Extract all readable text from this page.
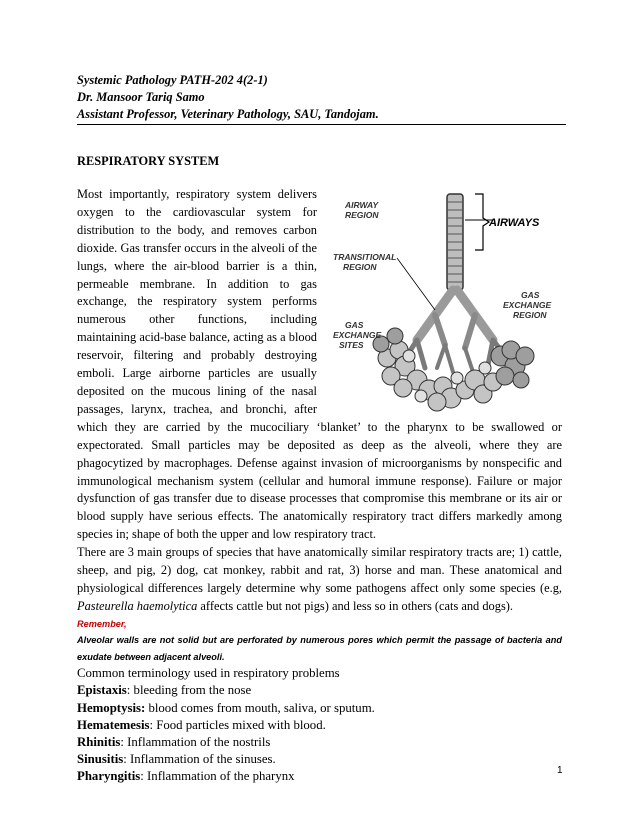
Systemic Pathology PATH-202 4(2-1)
Dr. Mansoor Tariq Samo
Assistant Professor, Veterinary Pathology, SAU, Tandojam.
RESPIRATORY SYSTEM
AIRWAY
REGION
TRANSITIONAL
REGION
GAS
EXCHANGE
REGION
GAS
EXCHANGE
SITES
AIRWAYS

Most importantly, respiratory system delivers oxygen to the cardiovascular system for distribution to the body, and removes carbon dioxide. Gas transfer occurs in the alveoli of the lungs, where the air-blood barrier is a thin, permeable membrane. In addition to gas exchange, the respiratory system performs numerous other functions, including maintaining acid-base balance, acting as a blood reservoir, filtering and probably destroying emboli. Large airborne particles are usually deposited on the mucous lining of the nasal passages, larynx, trachea, and bronchi, after which they are carried by the mucociliary ‘blanket’ to the pharynx to be swallowed or expectorated. Small particles may be deposited as deep as the alveoli, where they are phagocytized by macrophages. Defense against invasion of microorganisms by nonspecific and immunological mechanism system (cellular and humoral immune response). Failure or major dysfunction of gas transfer due to disease processes that compromise this membrane or its air or blood supply have serious effects. The anatomically respiratory tract differs markedly among species in; shape of both the upper and low respiratory tract.

There are 3 main groups of species that have anatomically similar respiratory tracts are; 1) cattle, sheep, and pig, 2) dog, cat monkey, rabbit and rat, 3) horse and man. These anatomical and physiological differences largely determine why some pathogens affect only some species (e.g, Pasteurella haemolytica affects cattle but not pigs) and less so in others (cats and dogs).

Remember,
Alveolar walls are not solid but are perforated by numerous pores which permit the passage of bacteria and exudate between adjacent alveoli.
Common terminology used in respiratory problems
Epistaxis: bleeding from the nose
Hemoptysis: blood comes from mouth, saliva, or sputum.
Hematemesis: Food particles mixed with blood.
Rhinitis: Inflammation of the nostrils
Sinusitis: Inflammation of the sinuses.
Pharyngitis: Inflammation of the pharynx	1
